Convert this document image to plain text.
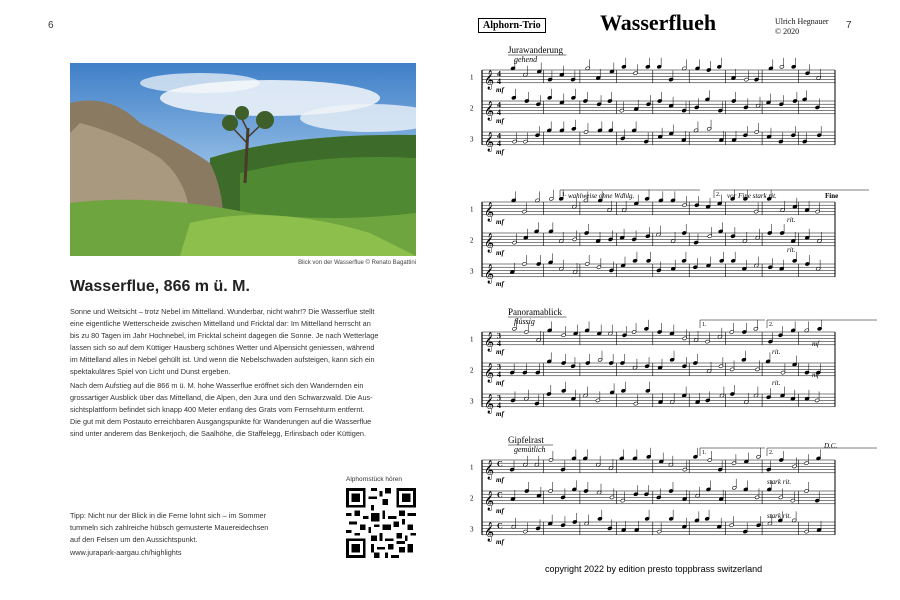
6
Blick von der Wasserflue © Renato Bagattini
Wasserflue, 866 m ü. M.
Sonne und Weitsicht – trotz Nebel im Mittelland. Wunderbar, nicht wahr!? Die Wasserflue stellt
eine eigentliche Wetterscheide zwischen Mittelland und Fricktal dar: Im Mittelland herrscht an
bis zu 80 Tagen im Jahr Hochnebel, im Fricktal scheint dagegen die Sonne. Je nach Wetterlage
lassen sich so auf dem Küttiger Hausberg schönes Wetter und Alpensicht geniessen, während
im Mittelland alles in Nebel gehüllt ist. Und wenn die Nebelschwaden aufsteigen, kann sich ein
spektakuläres Spiel von Licht und Dunst ergeben.
Nach dem Aufstieg auf die 866 m ü. M. hohe Wasserflue eröffnet sich den Wandernden ein
grossartiger Ausblick über das Mittelland, die Alpen, den Jura und den Schwarzwald. Die Aus-
sichtsplattform befindet sich knapp 400 Meter entlang des Grats vom Fernsehturm entfernt.
Die gut mit dem Postauto erreichbaren Ausgangspunkte für Wanderungen auf die Wasserflue
sind unter anderem das Benkerjoch, die Saalhöhe, die Staffelegg, Erlinsbach oder Küttigen.
Alphornstück hören
Tipp: Nicht nur der Blick in die Ferne lohnt sich – im Sommer
tummeln sich zahlreiche hübsch gemusterte Mauereidechsen
auf den Felsen um den Aussichtspunkt.
www.jurapark-aargau.ch/highlights
7
Alphorn-Trio	Wasserflueh	Ulrich Hegnauer
© 2020
1 𝄞 4
4
mf
2 𝄞 4
4
mf
3 𝄞 4
4
mf
Jurawanderung
gehend
1 𝄞
mf
2 𝄞
mf
3 𝄞
mf
1.	2.
wahlweise ohne Wdhlg.	vor Fine stark rit.	Fine
rit.
rit.
1 𝄞 3
4
mf
2 𝄞 3
4
mf
3 𝄞 3
4
mf
Panoramablick
flüssig	1.	2.
rit.
rit.
mf
mf
1 𝄞 C
mf
2 𝄞 C
mf
3 𝄞 C
mf
Gipfelrast
gemütlich	1.	2.
D.C.
stark rit.
stark rit.
copyright 2022 by edition presto toppbrass switzerland
